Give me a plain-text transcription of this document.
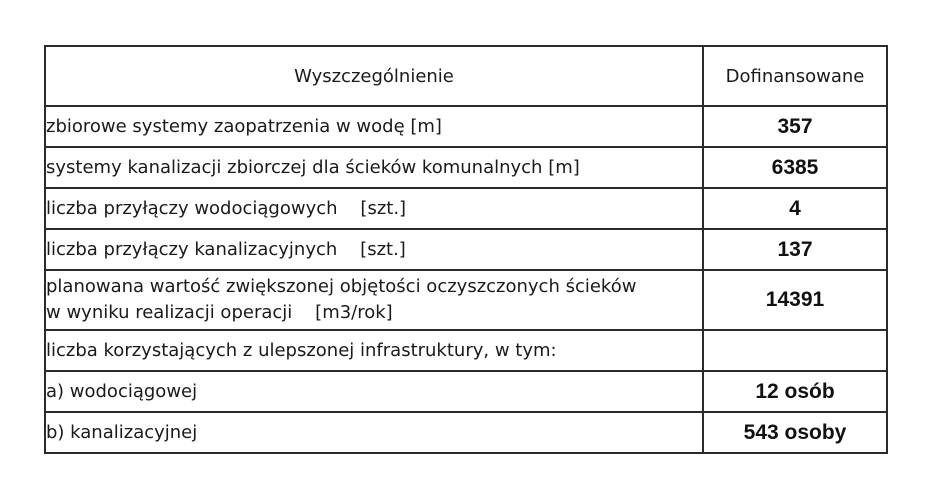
Wyszczególnienie	Dofinansowane
zbiorowe systemy zaopatrzenia w wodę [m]	357
systemy kanalizacji zbiorczej dla ścieków komunalnych [m]	6385
liczba przyłączy wodociągowych    [szt.]	4
liczba przyłączy kanalizacyjnych    [szt.]	137

planowana wartość zwiększonej objętości oczyszczonych ścieków
w wyniku realizacji operacji    [m3/rok]	14391
liczba korzystających z ulepszonej infrastruktury, w tym:	
a) wodociągowej	12 osób
b) kanalizacyjnej	543 osoby
